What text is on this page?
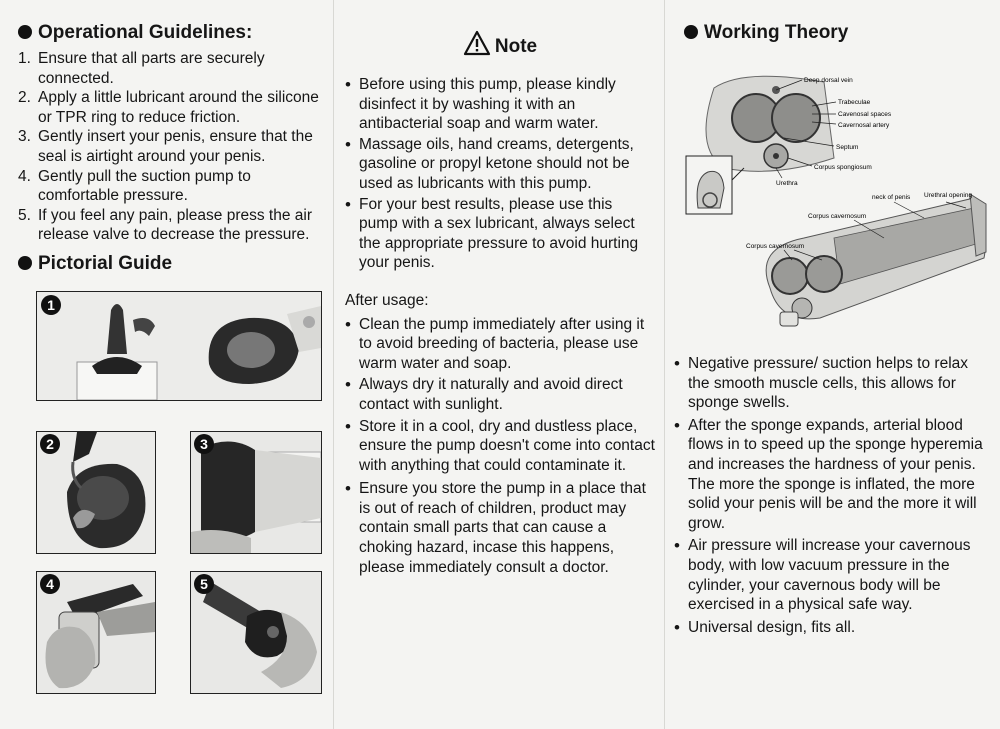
Operational Guidelines:
1. Ensure that all parts are securely connected.
2. Apply a little lubricant around the silicone or TPR ring to reduce friction.
3. Gently insert your penis, ensure that the seal is airtight around your penis.
4. Gently pull the suction pump to comfortable pressure.
5. If you feel any pain, please press the air release valve to decrease the pressure.
Pictorial Guide
1
2	3
4	5
Note
• Before using this pump, please kindly disinfect it by washing it with an antibacterial soap and warm water.
• Massage oils, hand creams, detergents, gasoline or propyl ketone should not be used as lubricants with this pump.
• For your best results, please use this pump with a sex lubricant, always select the appropriate pressure to avoid hurting your penis.
After usage:
• Clean the pump immediately after using it to avoid breeding of bacteria, please use warm water and soap.
• Always dry it naturally and avoid direct contact with sunlight.
• Store it in a cool, dry and dustless place, ensure the pump doesn't come into contact with anything that could contaminate it.
• Ensure you store the pump in a place that is out of reach of children, product may contain small parts that can cause a choking hazard, incase this happens, please immediately consult a doctor.
Working Theory
Deep dorsal vein
Trabeculae
Cavenosal spaces
Cavernosal artery
Septum
Corpus spongiosum
Urethra
neck of penis Urethral opening
Corpus cavernosum
Corpus cavernosum
• Negative pressure/ suction helps to relax the smooth muscle cells, this allows for sponge swells.
• After the sponge expands, arterial blood flows in to speed up the sponge hyperemia and increases the hardness of your penis. The more the sponge is inflated, the more solid your penis will be and the more it will grow.
• Air pressure will increase your cavernous body, with low vacuum pressure in the cylinder, your cavernous body will be exercised in a physical safe way.
• Universal design, fits all.
